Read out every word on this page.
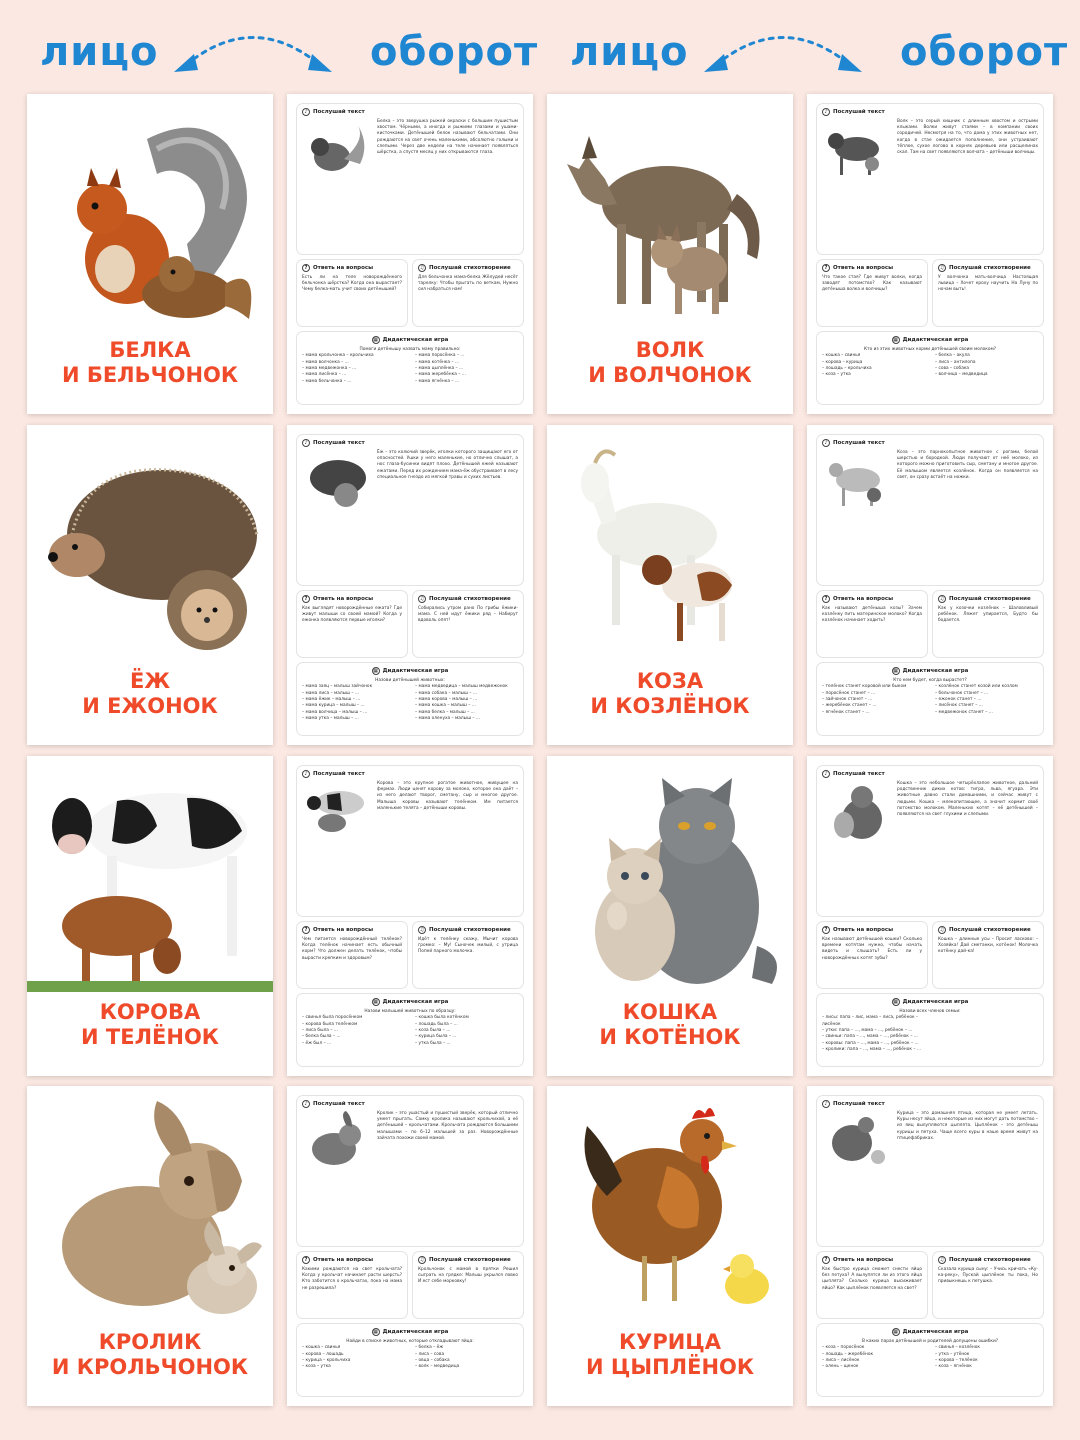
лицо	оборот лицо	оборот
БЕЛКА
И БЕЛЬЧОНОК
♪ Послушай текст
Белка – это зверушка рыжей окраски с большим пушистым хвостом. Чёрными, а иногда и рыжими глазами и ушами-кисточками. Детёнышей белок называют бельчатами. Они рождаются на свет очень маленькими, абсолютно голыми и слепыми. Через две недели на теле начинает появляться шёрстка, а спустя месяц у них открываются глаза.
?	Ответь на вопросы
Есть ли на теле новорождённого бельчонка шёрстка? Когда она вырастает? Чему белка-мать учит своих детёнышей?
♫ Послушай стихотворение
Для бельчонка мама-белка Жёлудей несёт тарелку: Чтобы прыгать по веткам, Нужно сил набраться нам!
▦ Дидактическая игра
Помоги детёнышу назвать маму правильно:
– мама крольчонка – крольчиха
– мама волчонка – ...
– мама медвежонка – ...
– мама лисёнка – ...
– мама бельчонка – ...
– мама поросёнка – ...
– мама котёнка – ...
– мама цыплёнка – ...
– мама жеребёнка – ...
– мама ягнёнка – ...
ВОЛК
И ВОЛЧОНОК
♪ Послушай текст
Волк – это серый хищник с длинным хвостом и острыми клыками. Волки живут стаями – в компании своих сородичей. Несмотря на то, что дома у этих животных нет, когда в стае ожидается пополнение, они устраивают тёплое, сухое логово в корнях деревьев или расщелинах скал. Там на свет появляются волчата – детёныши волчицы.
?	Ответь на вопросы
Что такое стая? Где живут волки, когда заводят потомство? Как называют детёныша волка и волчицы?
♫ Послушай стихотворение
У волчонка мать-волчица Настоящая львица – Хочет кроху научить На Луну по ночам выть!
▦ Дидактическая игра
Кто из этих животных корми детёнышей своим молоком?
– кошка – свинья
– корова – курица
– лошадь – крольчиха
– коза – утка
– белка – акула
– лиса – антилопа
– сова – собака
– волчица – медведица
ЁЖ
И ЕЖОНОК
♪ Послушай текст
Ёж – это колючий зверёк, иголки которого защищают его от опасностей. Ушки у него маленькие, но отлично слышат, а нос глаза-бусинки видят плохо. Детёнышей ежей называют ежатами. Перед их рождением мама-ёж обустраивает в лесу специальное гнездо из мягкой травы и сухих листьев.
?	Ответь на вопросы
Как выглядят новорождённые ежата? Где живут малыши со своей мамой? Когда у ежонка появляются первые иголки?
♫ Послушай стихотворение
Собирались утром рано По грибы ёжики-мама. С ней идут ёжики ряд – Набирут вдоволь опят!
▦ Дидактическая игра
Назови детёнышей животных:
– мама заяц – малыш зайчонок
– мама лиса – малыш – ...
– мама ёжик – малыш – ...
– мама курица – малыш – ...
– мама волчица – малыш – ...
– мама утка – малыш – ...
– мама медведица – малыш медвежонок
– мама собака – малыш – ...
– мама корова – малыш – ...
– мама кошка – малыш – ...
– мама белка – малыш – ...
– мама оленуха – малыш – ...
КОЗА
И КОЗЛЁНОК
♪ Послушай текст
Коза – это парнокопытное животное с рогами, белой шерстью и бородкой. Люди получают от неё молоко, из которого можно приготовить сыр, сметану и многое другое. Её малышом является козлёнок. Когда он появляется на свет, он сразу встаёт на ножки.
?	Ответь на вопросы
Как называют детёныша козы? Зачем козлёнку пить материнское молоко? Когда козлёнок начинает ходить?
♫ Послушай стихотворение
Как у козочки козлёнок – Шаловливый ребёнок. Ляжет упирается, Будто бы бодается.
▦ Дидактическая игра
Кто кем будет, когда вырастет?
– телёнок станет коровой или быком
– поросёнок станет – ...
– зайчонок станет – ...
– жеребёнок станет – ...
– ягнёнок станет – ...
– козлёнок станет козой или козлом
– бельчонок станет – ...
– ежонок станет – ...
– лисёнок станет – ...
– медвежонок станет – ...
КОРОВА
И ТЕЛЁНОК
♪ Послушай текст
Корова – это крупное рогатое животное, живущее на фермах. Люди ценят корову за молоко, которое она даёт – из него делают творог, сметану, сыр и многое другое. Малыша коровы называют телёнком. Им питается маленькие телята – детёныши коровы.
?	Ответь на вопросы
Чем питается новорождённый телёнок? Когда телёнок начинает есть обычный корм? Что должен делать телёнок, чтобы вырасти крепким и здоровым?
♫ Послушай стихотворение
Идёт к телёнку скажу, Мычит корова громко: – Му! Сыночек милый, с утрица Попей парного молочка.
▦ Дидактическая игра
Назови малышей животных по образцу:
– свинья была поросёнком
– корова была телёнком
– лиса была – ...
– белка была – ...
– ёж был – ...
– кошка была котёнком
– лошадь была – ...
– коза была – ...
– курица была – ...
– утка была – ...
КОШКА
И КОТЁНОК
♪ Послушай текст
Кошка – это небольшое четырёхлапое животное, дальний родственник диких котов: тигра, льва, ягуара. Эти животные давно стали домашними, и сейчас живут с людьми. Кошка – млекопитающее, а значит кормит своё потомство молоком. Маленьких котят – её детёнышей – появляются на свет глухими и слепыми.
?	Ответь на вопросы
Как называют детёнышей кошки? Сколько времени котятам нужно, чтобы начать видеть и слышать? Есть ли у новорождённых котят зубы?
♫ Послушай стихотворение
Кошка – длинные усы – Просит ласково: – Хозяйка! Дай сметанки, котёнок! Молочка котёнку дай-ка!
▦ Дидактическая игра
Назови всех членов семьи:
– лисы: папа – лис, мама – лиса, ребёнок – лисёнок
– утки: папа – ..., мама – ..., ребёнок – ...
– свиньи: папа – ..., мама – ..., ребёнок – ...
– коровы: папа – ..., мама – ..., ребёнок – ...
– кролики: папа – ..., мама – ..., ребёнок – ...
КРОЛИК
И КРОЛЬЧОНОК
♪ Послушай текст
Кролик – это ушастый и пушистый зверёк, который отлично умеет прыгать. Самку кролика называют крольчихой, а её детёнышей – крольчатами. Крольчата рождаются большими малышами – по 6–12 малышей за раз. Новорождённые зайчата похожи своей мамой.
?	Ответь на вопросы
Какими рождаются на свет крольчата? Когда у крольчат начинает расти шерсть? Кто заботится о крольчатах, пока на мама не разрешила?
♫ Послушай стихотворение
Крольчонок с мамой в прятки Решил сыграть на грядке: Малыш укрылся ловко И ест себе морковку!
▦ Дидактическая игра
Найди в списке животных, которые откладывают яйца:
– кошка – свинья
– корова – лошадь
– курица – крольчиха
– коза – утка
– белка – ёж
– лиса – сова
– овца – собака
– волк – медведица
КУРИЦА
И ЦЫПЛЁНОК
♪ Послушай текст
Курица – это домашняя птица, которая не умеет летать. Куры несут яйца, и некоторые из них могут дать потомство – из яиц вылупляются цыплята. Цыплёнок – это детёныш курицы и петуха. Чаще всего куры в наше время живут на птицефабриках.
?	Ответь на вопросы
Как быстро курица сможет снести яйцо без петуха? А вылупятся ли из этого яйца цыплята? Сколько курица высиживает яйцо? Как цыплёнок появляется на свет?
♫ Послушай стихотворение
Сказала курица сыну: – Учись кричать «Ку-ка-реку», Пускай цыплёнок ты пока, Но привыкнешь к петушка.
▦ Дидактическая игра
В каких парах детёнышей и родителей допущены ошибки?
– коза – поросёнок
– лошадь – жеребёнок
– лиса – лисёнок
– олень – щенок
– свинья – козлёнок
– утка – утёнок
– корова – телёнок
– коза – ягнёнок
